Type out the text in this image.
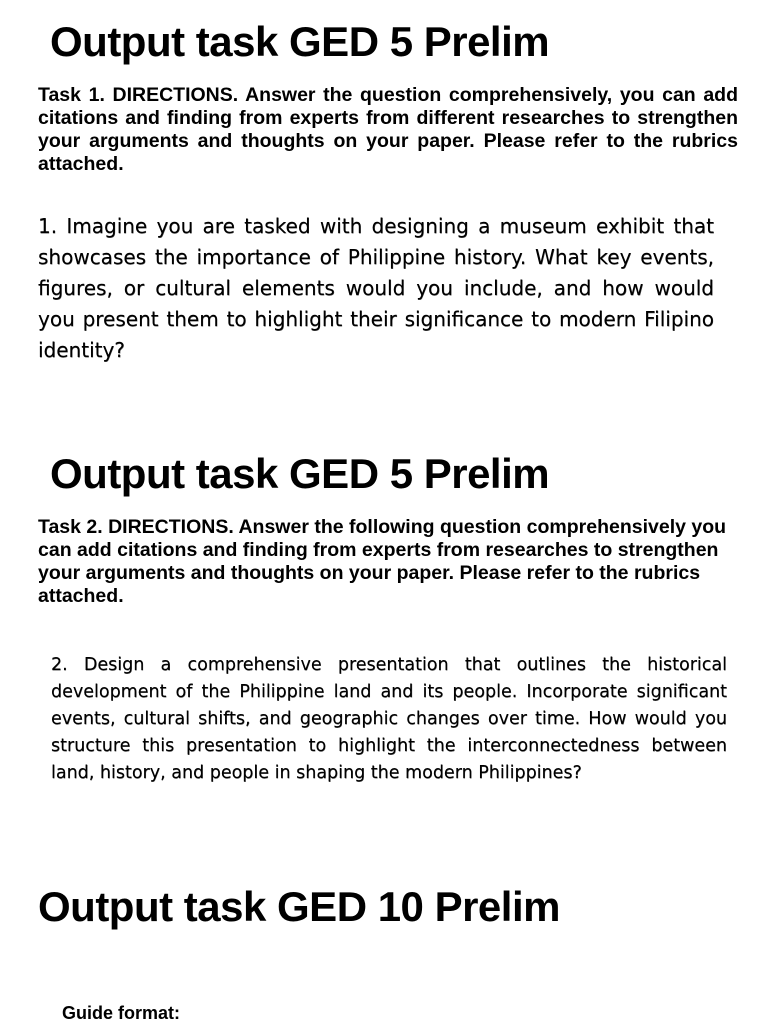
Output task GED 5 Prelim

Task 1. DIRECTIONS. Answer the question comprehensively, you can add citations and finding from experts from different researches to strengthen your arguments and thoughts on your paper. Please refer to the rubrics attached.

1. Imagine you are tasked with designing a museum exhibit that showcases the importance of Philippine history. What key events, figures, or cultural elements would you include, and how would you present them to highlight their significance to modern Filipino identity?

Output task GED 5 Prelim

Task 2. DIRECTIONS. Answer the following question comprehensively you can add citations and finding from experts from researches to strengthen your arguments and thoughts on your paper. Please refer to the rubrics attached.

2. Design a comprehensive presentation that outlines the historical development of the Philippine land and its people. Incorporate significant events, cultural shifts, and geographic changes over time. How would you structure this presentation to highlight the interconnectedness between land, history, and people in shaping the modern Philippines?

Output task GED 10 Prelim

Guide format:
